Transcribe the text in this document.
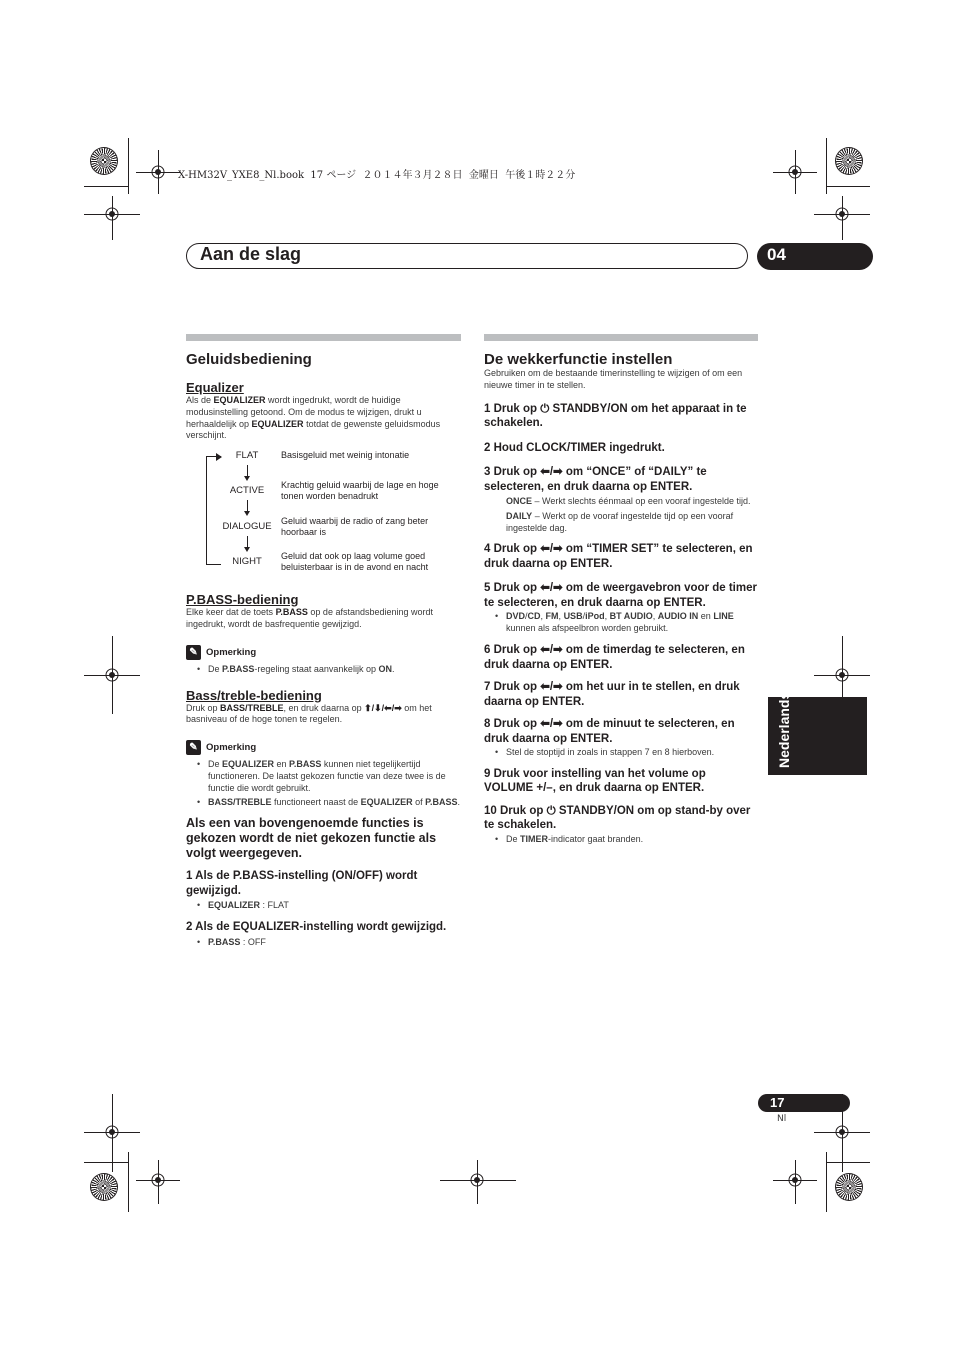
X-HM32V_YXE8_Nl.book  17 ページ  ２０１４年３月２８日  金曜日  午後１時２２分
Aan de slag	04
Geluidsbediening
Equalizer
Als de EQUALIZER wordt ingedrukt, wordt de huidige modusinstelling getoond. Om de modus te wijzigen, drukt u herhaaldelijk op EQUALIZER totdat de gewenste geluidsmodus verschijnt.
FLAT
ACTIVE
DIALOGUE
NIGHT
Basisgeluid met weinig intonatie
Krachtig geluid waarbij de lage en hoge tonen worden benadrukt
Geluid waarbij de radio of zang beter hoorbaar is
Geluid dat ook op laag volume goed beluisterbaar is in de avond en nacht
P.BASS-bediening
Elke keer dat de toets P.BASS op de afstandsbediening wordt ingedrukt, wordt de basfrequentie gewijzigd.
✎ Opmerking
• De P.BASS-regeling staat aanvankelijk op ON.
Bass/treble-bediening
Druk op BASS/TREBLE, en druk daarna op ⬆/⬇/⬅/➡ om het basniveau of de hoge tonen te regelen.
✎ Opmerking
• De EQUALIZER en P.BASS kunnen niet tegelijkertijd functioneren. De laatst gekozen functie van deze twee is de functie die wordt gebruikt.
• BASS/TREBLE functioneert naast de EQUALIZER of P.BASS.
Als een van bovengenoemde functies is gekozen wordt de niet gekozen functie als volgt weergegeven.
1 Als de P.BASS-instelling (ON/OFF) wordt gewijzigd.
• EQUALIZER : FLAT
2 Als de EQUALIZER-instelling wordt gewijzigd.
• P.BASS : OFF
De wekkerfunctie instellen
Gebruiken om de bestaande timerinstelling te wijzigen of om een nieuwe timer in te stellen.
1 Druk op ⏻ STANDBY/ON om het apparaat in te schakelen.
2 Houd CLOCK/TIMER ingedrukt.
3 Druk op ⬅/➡ om “ONCE” of “DAILY” te selecteren, en druk daarna op ENTER.
ONCE – Werkt slechts éénmaal op een vooraf ingestelde tijd.
DAILY – Werkt op de vooraf ingestelde tijd op een vooraf ingestelde dag.
4 Druk op ⬅/➡ om “TIMER SET” te selecteren, en druk daarna op ENTER.
5 Druk op ⬅/➡ om de weergavebron voor de timer te selecteren, en druk daarna op ENTER.
• DVD/CD, FM, USB/iPod, BT AUDIO, AUDIO IN en LINE kunnen als afspeelbron worden gebruikt.
6 Druk op ⬅/➡ om de timerdag te selecteren, en druk daarna op ENTER.
7 Druk op ⬅/➡ om het uur in te stellen, en druk daarna op ENTER.
8 Druk op ⬅/➡ om de minuut te selecteren, en druk daarna op ENTER.
• Stel de stoptijd in zoals in stappen 7 en 8 hierboven.
9 Druk voor instelling van het volume op VOLUME +/–, en druk daarna op ENTER.
10 Druk op ⏻ STANDBY/ON om op stand-by over te schakelen.
• De TIMER-indicator gaat branden.
Nederlands
17
Nl
